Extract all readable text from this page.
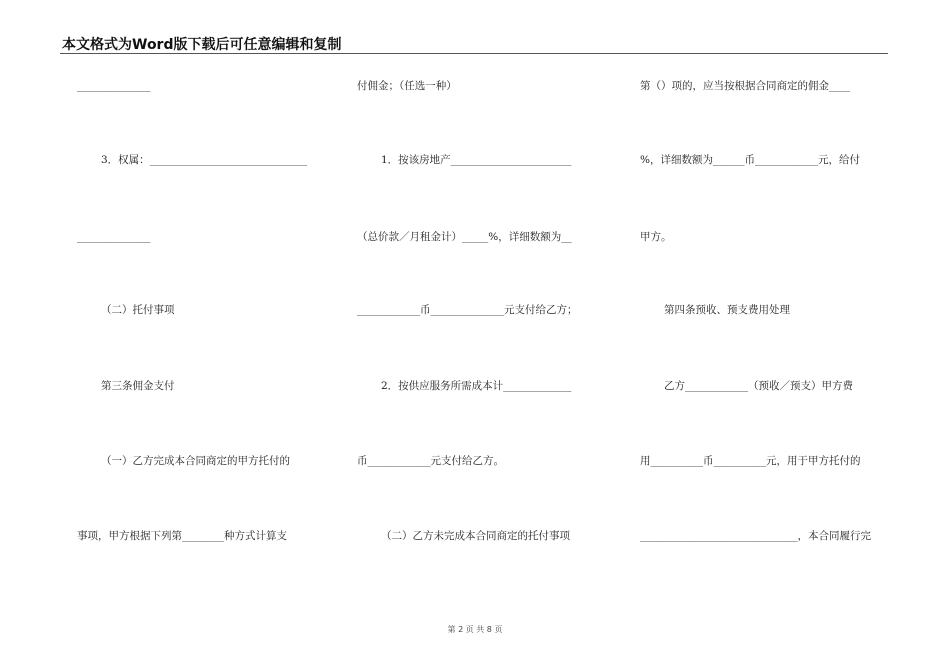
本文格式为Word版下载后可任意编辑和复制
______________
3．权属：______________________________
______________
（二）托付事项
第三条佣金支付
（一）乙方完成本合同商定的甲方托付的
事项，甲方根据下列第________种方式计算支
付佣金；（任选一种）
1．按该房地产_______________________
（总价款／月租金计）_____%，详细数额为__
____________币______________元支付给乙方；
2．按供应服务所需成本计_____________
币____________元支付给乙方。
（二）乙方未完成本合同商定的托付事项
第（）项的，应当按根据合同商定的佣金____
%，详细数额为______币____________元，给付
甲方。
第四条预收、预支费用处理
乙方____________（预收／预支）甲方费
用__________币__________元，用于甲方托付的
______________________________，本合同履行完
第 2 页 共 8 页
